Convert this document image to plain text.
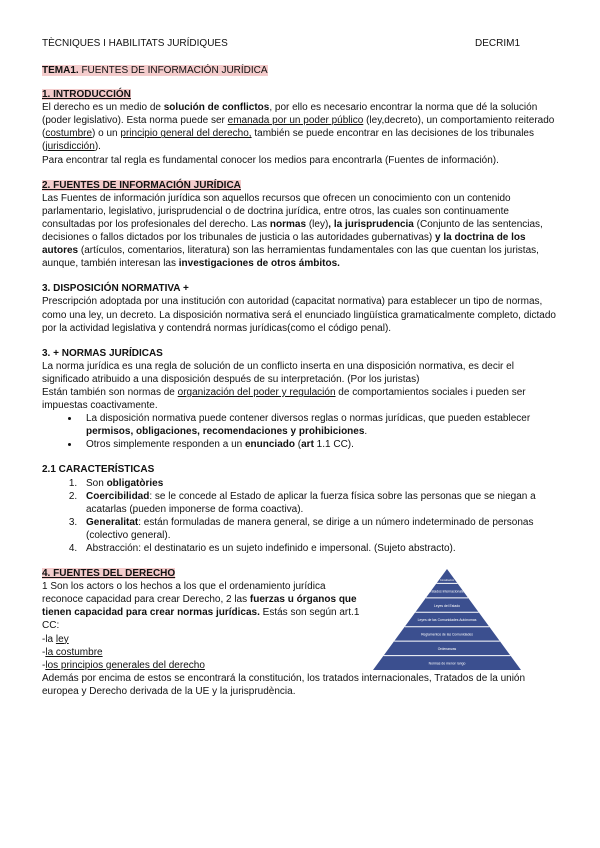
TÈCNIQUES I HABILITATS JURÍDIQUES	DECRIM1
TEMA1. FUENTES DE INFORMACIÓN JURÍDICA

1. INTRODUCCIÓN

El derecho es un medio de solución de conflictos, por ello es necesario encontrar la norma que dé la solución (poder legislativo). Esta norma puede ser emanada por un poder público (ley,decreto), un comportamiento reiterado (costumbre) o un principio general del derecho, también se puede encontrar en las decisiones de los tribunales (jurisdicción).

Para encontrar tal regla es fundamental conocer los medios para encontrarla (Fuentes de información).

2. FUENTES DE INFORMACIÓN JURÍDICA

Las Fuentes de información jurídica son aquellos recursos que ofrecen un conocimiento con un contenido parlamentario, legislativo, jurisprudencial o de doctrina jurídica, entre otros, las cuales son continuamente consultadas por los profesionales del derecho. Las normas (ley), la jurisprudencia (Conjunto de las sentencias, decisiones o fallos dictados por los tribunales de justicia o las autoridades gubernativas) y la doctrina de los autores (artículos, comentarios, literatura) son las herramientas fundamentales con las que cuentan los juristas, aunque, también interesan las investigaciones de otros ámbitos.

3. DISPOSICIÓN NORMATIVA +

Prescripción adoptada por una institución con autoridad (capacitat normativa) para establecer un tipo de normas, como una ley, un decreto. La disposición normativa será el enunciado lingüística gramaticalmente completo, dictado por la actividad legislativa y contendrá normas jurídicas(como el código penal).

3. + NORMAS JURÍDICAS

La norma jurídica es una regla de solución de un conflicto inserta en una disposición normativa, es decir el significado atribuido a una disposición después de su interpretación. (Por los juristas)

Están también son normas de organización del poder y regulación de comportamientos sociales i pueden ser impuestas coactivamente.

• La disposición normativa puede contener diversos reglas o normas jurídicas, que pueden establecer permisos, obligaciones, recomendaciones y prohibiciones.
• Otros simplemente responden a un enunciado (art 1.1 CC).

2.1 CARACTERÍSTICAS

1. Son obligatòries
2. Coercibilidad: se le concede al Estado de aplicar la fuerza física sobre las personas que se niegan a acatarlas (pueden imponerse de forma coactiva).
3. Generalitat: están formuladas de manera general, se dirige a un número indeterminado de personas (colectivo general).
4. Abstracción: el destinatario es un sujeto indefinido e impersonal. (Sujeto abstracto).
Constitución
Tratados internacionales
Leyes del Estado
Leyes de las Comunidades Autónomas
Reglamentos de las Comunidades
Ordenanzas
Normas de menor rango

4. FUENTES DEL DERECHO

1 Son los actors o los hechos a los que el ordenamiento jurídica reconoce capacidad para crear Derecho, 2 las fuerzas u órganos que tienen capacidad para crear normas jurídicas. Estás son según art.1 CC:

-la ley

-la costumbre

-los principios generales del derecho

Además por encima de estos se encontrará la constitución, los tratados internacionales, Tratados de la unión europea y Derecho derivada de la UE y la jurisprudència.
